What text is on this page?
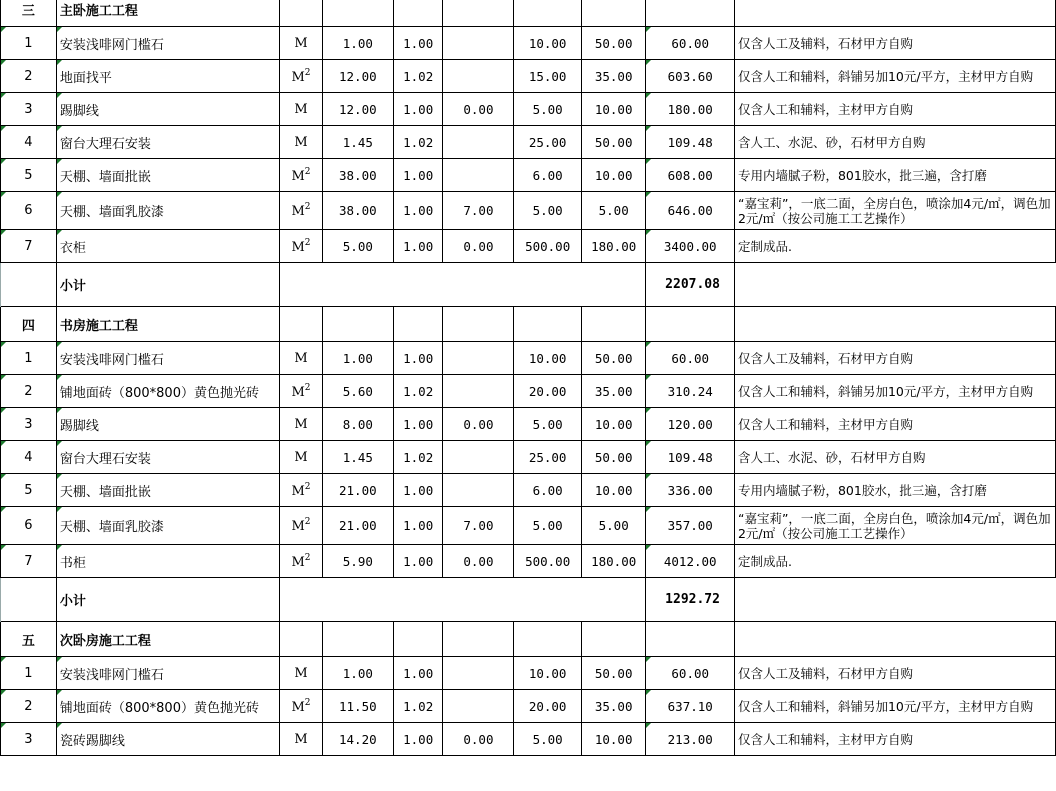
三	主卧施工工程								
1	安装浅啡网门槛石	M	1.00	1.00		10.00	50.00	60.00	仅含人工及辅料，石材甲方自购
2	地面找平	$M^2$	12.00	1.02		15.00	35.00	603.60	仅含人工和辅料，斜铺另加10元/平方，主材甲方自购
3	踢脚线	M	12.00	1.00	0.00	5.00	10.00	180.00	仅含人工和辅料，主材甲方自购
4	窗台大理石安装	M	1.45	1.02		25.00	50.00	109.48	含人工、水泥、砂，石材甲方自购
5	天棚、墙面批嵌	$M^2$	38.00	1.00		6.00	10.00	608.00	专用内墙腻子粉，801胶水，批三遍，含打磨
6	天棚、墙面乳胶漆	$M^2$	38.00	1.00	7.00	5.00	5.00	646.00	“嘉宝莉”，一底二面，全房白色，喷涂加4元/㎡，调色加2元/㎡（按公司施工工艺操作）
7	衣柜	$M^2$	5.00	1.00	0.00	500.00	180.00	3400.00	定制成品.
	小计							2207.08	
四	书房施工工程								
1	安装浅啡网门槛石	M	1.00	1.00		10.00	50.00	60.00	仅含人工及辅料，石材甲方自购
2	铺地面砖（800*800）黄色抛光砖	$M^2$	5.60	1.02		20.00	35.00	310.24	仅含人工和辅料，斜铺另加10元/平方，主材甲方自购
3	踢脚线	M	8.00	1.00	0.00	5.00	10.00	120.00	仅含人工和辅料，主材甲方自购
4	窗台大理石安装	M	1.45	1.02		25.00	50.00	109.48	含人工、水泥、砂，石材甲方自购
5	天棚、墙面批嵌	$M^2$	21.00	1.00		6.00	10.00	336.00	专用内墙腻子粉，801胶水，批三遍，含打磨
6	天棚、墙面乳胶漆	$M^2$	21.00	1.00	7.00	5.00	5.00	357.00	“嘉宝莉”，一底二面，全房白色，喷涂加4元/㎡，调色加2元/㎡（按公司施工工艺操作）
7	书柜	$M^2$	5.90	1.00	0.00	500.00	180.00	4012.00	定制成品.
	小计							1292.72	
五	次卧房施工工程								
1	安装浅啡网门槛石	M	1.00	1.00		10.00	50.00	60.00	仅含人工及辅料，石材甲方自购
2	铺地面砖（800*800）黄色抛光砖	$M^2$	11.50	1.02		20.00	35.00	637.10	仅含人工和辅料，斜铺另加10元/平方，主材甲方自购
3	瓷砖踢脚线	M	14.20	1.00	0.00	5.00	10.00	213.00	仅含人工和辅料，主材甲方自购
